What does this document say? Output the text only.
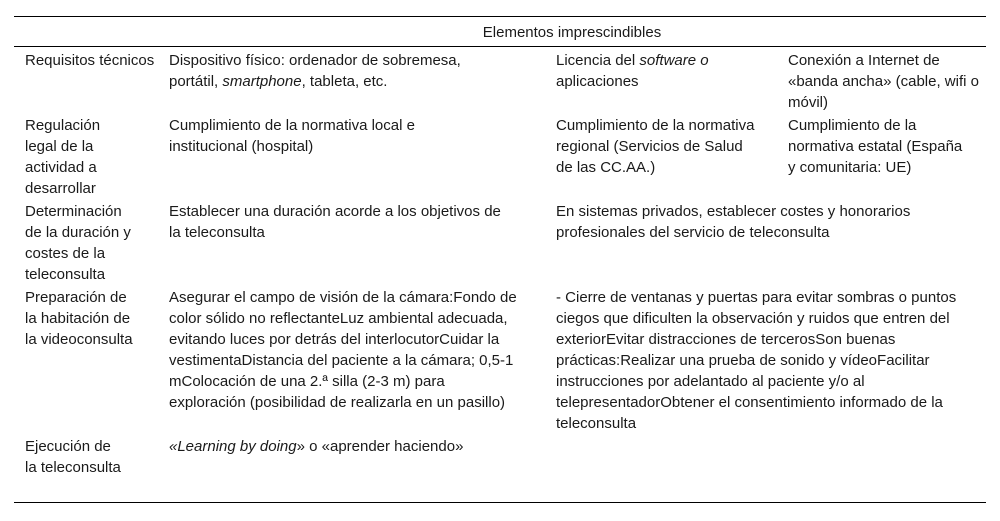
Elementos imprescindibles
Requisitos técnicos Dispositivo físico: ordenador de sobremesa, portátil, smartphone, tableta, etc.
Licencia del software o aplicaciones
Conexión a Internet de «banda ancha» (cable, wifi o móvil)
Regulación legal de la actividad a desarrollar
Cumplimiento de la normativa local e institucional (hospital)
Cumplimiento de la normativa regional (Servicios de Salud de las CC.AA.)
Cumplimiento de la normativa estatal (España y comunitaria: UE)
Determinación de la duración y costes de la teleconsulta
Establecer una duración acorde a los objetivos de la teleconsulta
En sistemas privados, establecer costes y honorarios profesionales del servicio de teleconsulta
Preparación de la habitación de la videoconsulta
Asegurar el campo de visión de la cámara:Fondo de color sólido no reflectanteLuz ambiental adecuada, evitando luces por detrás del interlocutorCuidar la vestimentaDistancia del paciente a la cámara; 0,5-1 mColocación de una 2.ª silla (2-3 m) para exploración (posibilidad de realizarla en un pasillo)
- Cierre de ventanas y puertas para evitar sombras o puntos ciegos que dificulten la observación y ruidos que entren del exteriorEvitar distracciones de tercerosSon buenas prácticas:Realizar una prueba de sonido y vídeoFacilitar instrucciones por adelantado al paciente y/o al telepresentadorObtener el consentimiento informado de la teleconsulta
Ejecución de la teleconsulta
«Learning by doing» o «aprender haciendo»
